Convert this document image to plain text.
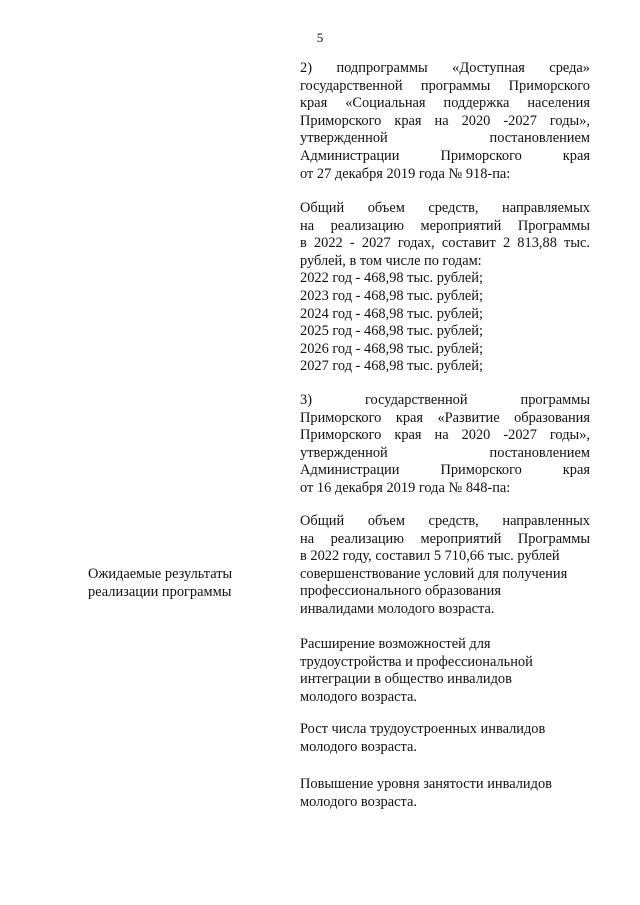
5
Ожидаемые результаты
реализации программы
2) подпрограммы «Доступная среда»
государственной программы Приморского
края «Социальная поддержка населения
Приморского края на 2020 -2027 годы»,
утвержденной постановлением
Администрации Приморского края
от 27 декабря 2019 года № 918-па:
Общий объем средств, направляемых
на реализацию мероприятий Программы
в 2022 - 2027 годах, составит 2 813,88 тыс.
рублей, в том числе по годам:
2022 год - 468,98 тыс. рублей;
2023 год - 468,98 тыс. рублей;
2024 год - 468,98 тыс. рублей;
2025 год - 468,98 тыс. рублей;
2026 год - 468,98 тыс. рублей;
2027 год - 468,98 тыс. рублей;
3) государственной программы
Приморского края «Развитие образования
Приморского края на 2020 -2027 годы»,
утвержденной постановлением
Администрации Приморского края
от 16 декабря 2019 года № 848-па:
Общий объем средств, направленных
на реализацию мероприятий Программы
в 2022 году, составил 5 710,66 тыс. рублей
совершенствование условий для получения
профессионального образования
инвалидами молодого возраста.
Расширение возможностей для
трудоустройства и профессиональной
интеграции в общество инвалидов
молодого возраста.
Рост числа трудоустроенных инвалидов
молодого возраста.
Повышение уровня занятости инвалидов
молодого возраста.
